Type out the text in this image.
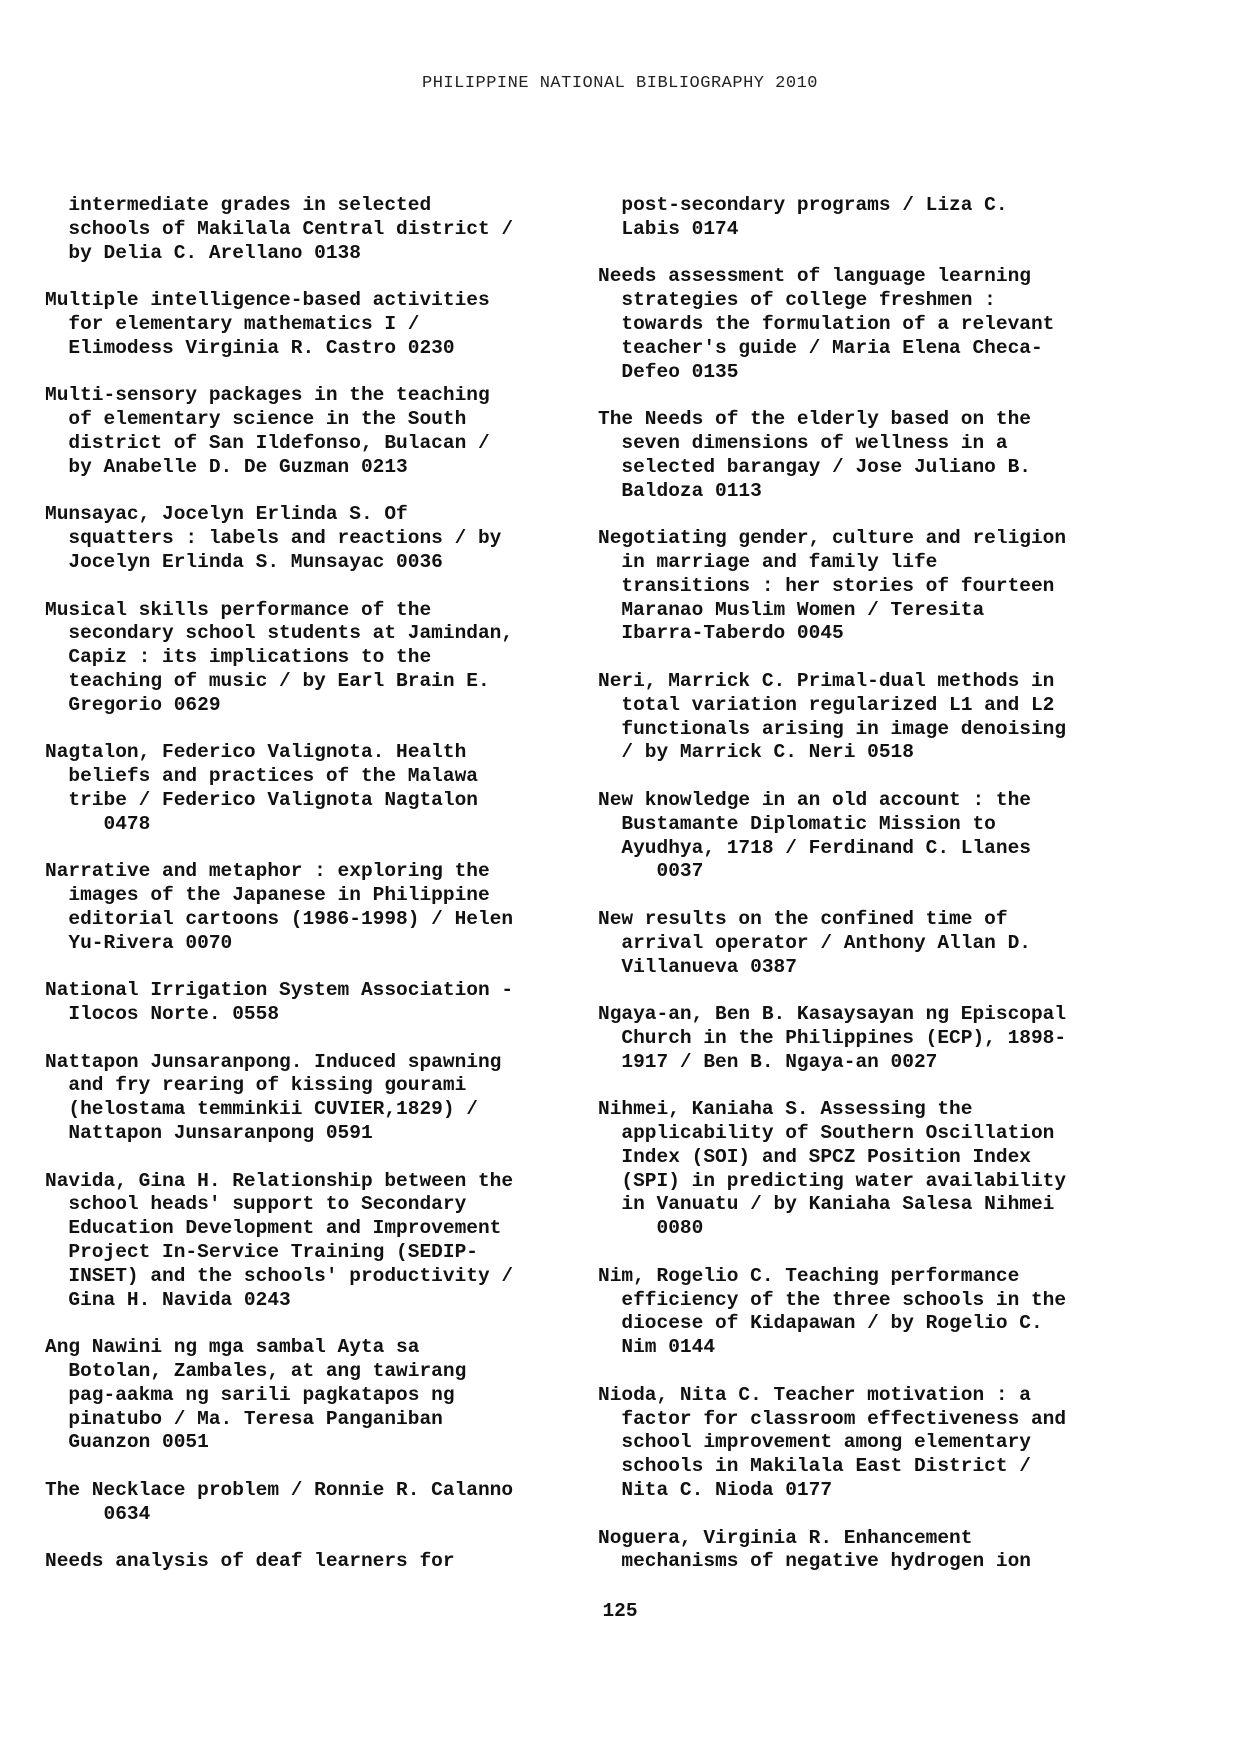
PHILIPPINE NATIONAL BIBLIOGRAPHY 2010
intermediate grades in selected
schools of Makilala Central district /
by Delia C. Arellano 0138
Multiple intelligence-based activities
for elementary mathematics I /
Elimodess Virginia R. Castro 0230
Multi-sensory packages in the teaching
of elementary science in the South
district of San Ildefonso, Bulacan /
by Anabelle D. De Guzman 0213
Munsayac, Jocelyn Erlinda S. Of
squatters : labels and reactions / by
Jocelyn Erlinda S. Munsayac 0036
Musical skills performance of the
secondary school students at Jamindan,
Capiz : its implications to the
teaching of music / by Earl Brain E.
Gregorio 0629
Nagtalon, Federico Valignota. Health
beliefs and practices of the Malawa
tribe / Federico Valignota Nagtalon
0478
Narrative and metaphor : exploring the
images of the Japanese in Philippine
editorial cartoons (1986-1998) / Helen
Yu-Rivera 0070
National Irrigation System Association -
Ilocos Norte. 0558
Nattapon Junsaranpong. Induced spawning
and fry rearing of kissing gourami
(helostama temminkii CUVIER,1829) /
Nattapon Junsaranpong 0591
Navida, Gina H. Relationship between the
school heads' support to Secondary
Education Development and Improvement
Project In-Service Training (SEDIP-
INSET) and the schools' productivity /
Gina H. Navida 0243
Ang Nawini ng mga sambal Ayta sa
Botolan, Zambales, at ang tawirang
pag-aakma ng sarili pagkatapos ng
pinatubo / Ma. Teresa Panganiban
Guanzon 0051
The Necklace problem / Ronnie R. Calanno
0634
Needs analysis of deaf learners for
post-secondary programs / Liza C.
Labis 0174
Needs assessment of language learning
strategies of college freshmen :
towards the formulation of a relevant
teacher's guide / Maria Elena Checa-
Defeo 0135
The Needs of the elderly based on the
seven dimensions of wellness in a
selected barangay / Jose Juliano B.
Baldoza 0113
Negotiating gender, culture and religion
in marriage and family life
transitions : her stories of fourteen
Maranao Muslim Women / Teresita
Ibarra-Taberdo 0045
Neri, Marrick C. Primal-dual methods in
total variation regularized L1 and L2
functionals arising in image denoising
/ by Marrick C. Neri 0518
New knowledge in an old account : the
Bustamante Diplomatic Mission to
Ayudhya, 1718 / Ferdinand C. Llanes
0037
New results on the confined time of
arrival operator / Anthony Allan D.
Villanueva 0387
Ngaya-an, Ben B. Kasaysayan ng Episcopal
Church in the Philippines (ECP), 1898-
1917 / Ben B. Ngaya-an 0027
Nihmei, Kaniaha S. Assessing the
applicability of Southern Oscillation
Index (SOI) and SPCZ Position Index
(SPI) in predicting water availability
in Vanuatu / by Kaniaha Salesa Nihmei
0080
Nim, Rogelio C. Teaching performance
efficiency of the three schools in the
diocese of Kidapawan / by Rogelio C.
Nim 0144
Nioda, Nita C. Teacher motivation : a
factor for classroom effectiveness and
school improvement among elementary
schools in Makilala East District /
Nita C. Nioda 0177
Noguera, Virginia R. Enhancement
mechanisms of negative hydrogen ion
125
